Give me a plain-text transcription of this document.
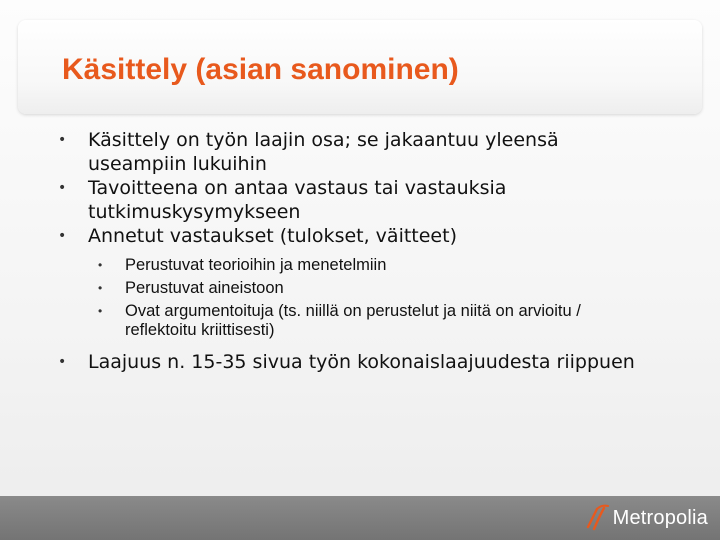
Käsittely (asian sanominen)
• Käsittely on työn laajin osa; se jakaantuu yleensä useampiin lukuihin
• Tavoitteena on antaa vastaus tai vastauksia tutkimuskysymykseen
• Annetut vastaukset (tulokset, väitteet)
• Perustuvat teorioihin ja menetelmiin
• Perustuvat aineistoon
• Ovat argumentoituja (ts. niillä on perustelut ja niitä on arvioitu / reflektoitu kriittisesti)
• Laajuus n. 15-35 sivua työn kokonaislaajuudesta riippuen
Metropolia
